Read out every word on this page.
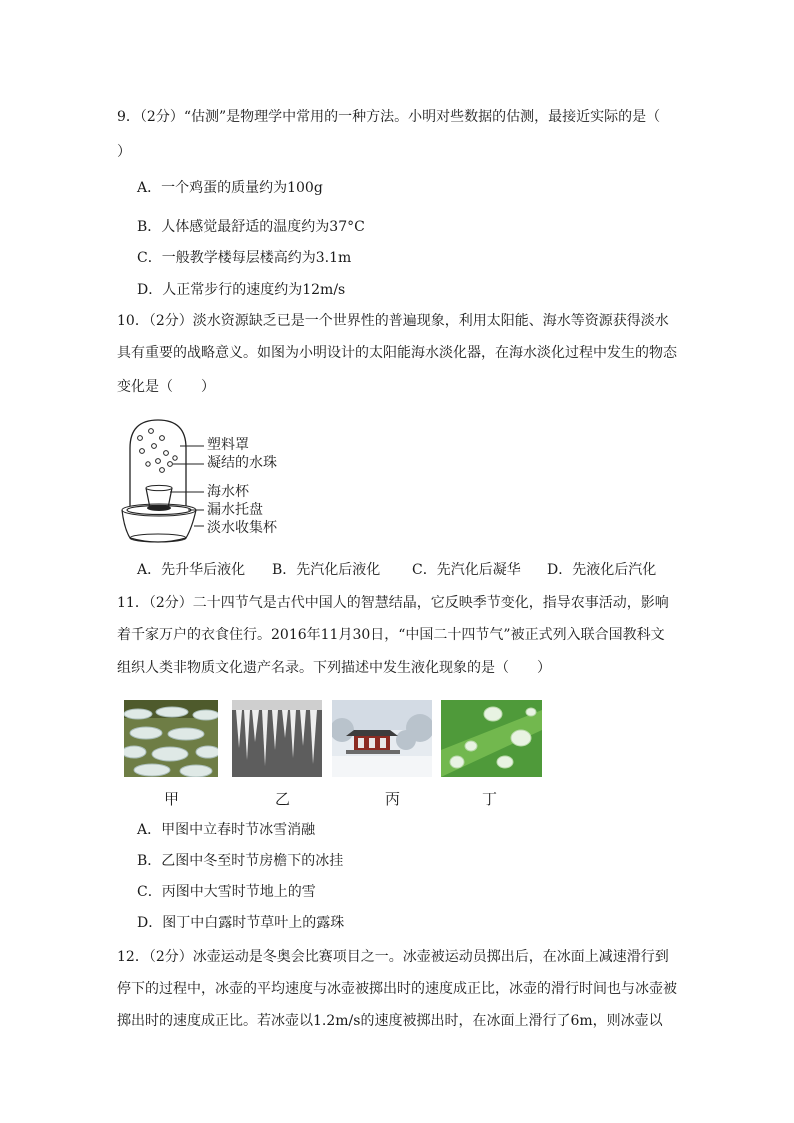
9．（2分）“估测”是物理学中常用的一种方法。小明对些数据的估测，最接近实际的是（
）
A．一个鸡蛋的质量约为100g
B．人体感觉最舒适的温度约为37°C
C．一般教学楼每层楼高约为3.1m
D．人正常步行的速度约为12m/s
10．（2分）淡水资源缺乏已是一个世界性的普遍现象，利用太阳能、海水等资源获得淡水
具有重要的战略意义。如图为小明设计的太阳能海水淡化器，在海水淡化过程中发生的物态
变化是（　　）
塑料罩
凝结的水珠
海水杯
漏水托盘
淡水收集杯
A．先升华后液化 B．先汽化后液化 C．先汽化后凝华 D．先液化后汽化
11．（2分）二十四节气是古代中国人的智慧结晶，它反映季节变化，指导农事活动，影响
着千家万户的衣食住行。2016年11月30日，“中国二十四节气”被正式列入联合国教科文
组织人类非物质文化遗产名录。下列描述中发生液化现象的是（　　）
甲	乙	丙	丁
A．甲图中立春时节冰雪消融
B．乙图中冬至时节房檐下的冰挂
C．丙图中大雪时节地上的雪
D．图丁中白露时节草叶上的露珠
12．（2分）冰壶运动是冬奥会比赛项目之一。冰壶被运动员掷出后，在冰面上减速滑行到
停下的过程中，冰壶的平均速度与冰壶被掷出时的速度成正比，冰壶的滑行时间也与冰壶被
掷出时的速度成正比。若冰壶以1.2m/s的速度被掷出时，在冰面上滑行了6m，则冰壶以
